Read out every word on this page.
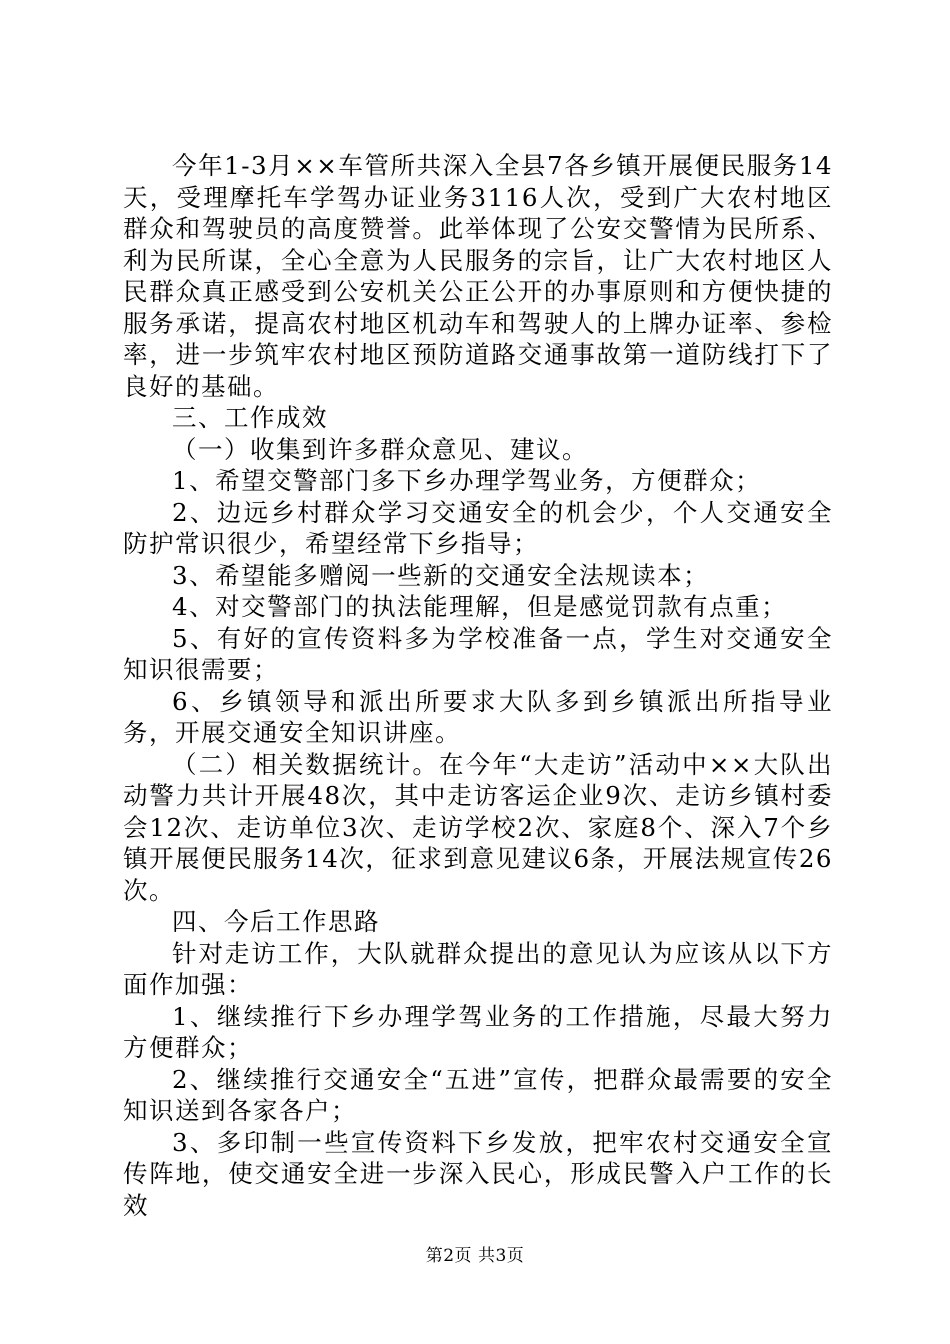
今年1-3月××车管所共深入全县7各乡镇开展便民服务14天，受理摩托车学驾办证业务3116人次，受到广大农村地区群众和驾驶员的高度赞誉。此举体现了公安交警情为民所系、利为民所谋，全心全意为人民服务的宗旨，让广大农村地区人民群众真正感受到公安机关公正公开的办事原则和方便快捷的服务承诺，提高农村地区机动车和驾驶人的上牌办证率、参检率，进一步筑牢农村地区预防道路交通事故第一道防线打下了良好的基础。

三、工作成效

（一）收集到许多群众意见、建议。

1、希望交警部门多下乡办理学驾业务，方便群众；

2、边远乡村群众学习交通安全的机会少，个人交通安全防护常识很少，希望经常下乡指导；

3、希望能多赠阅一些新的交通安全法规读本；

4、对交警部门的执法能理解，但是感觉罚款有点重；

5、有好的宣传资料多为学校准备一点，学生对交通安全知识很需要；

6、乡镇领导和派出所要求大队多到乡镇派出所指导业务，开展交通安全知识讲座。

（二）相关数据统计。在今年“大走访”活动中××大队出动警力共计开展48次，其中走访客运企业9次、走访乡镇村委会12次、走访单位3次、走访学校2次、家庭8个、深入7个乡镇开展便民服务14次，征求到意见建议6条，开展法规宣传26次。

四、今后工作思路

针对走访工作，大队就群众提出的意见认为应该从以下方面作加强：

1、继续推行下乡办理学驾业务的工作措施，尽最大努力方便群众；

2、继续推行交通安全“五进”宣传，把群众最需要的安全知识送到各家各户；

3、多印制一些宣传资料下乡发放，把牢农村交通安全宣传阵地，使交通安全进一步深入民心，形成民警入户工作的长效

第2页 共3页
